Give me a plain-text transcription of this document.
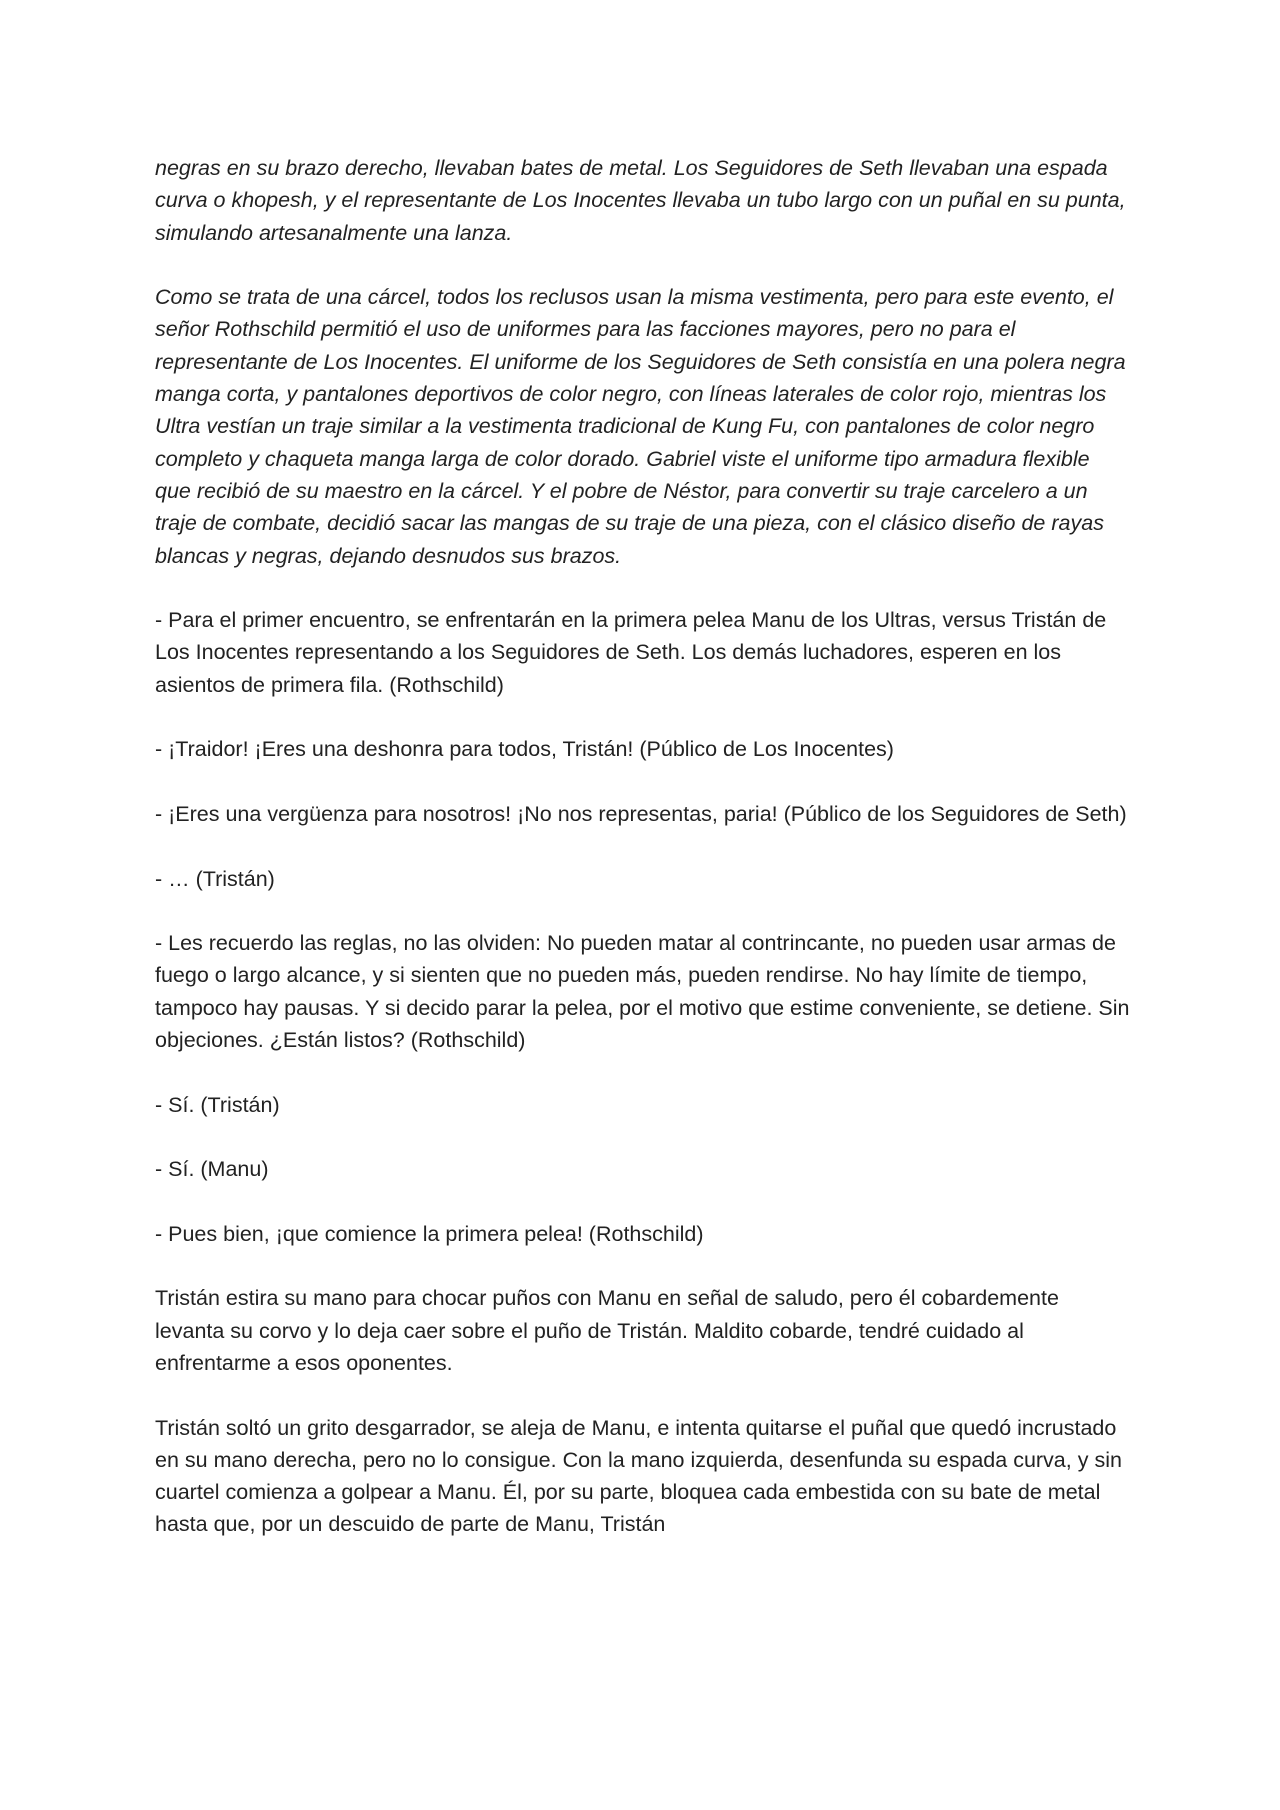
negras en su brazo derecho, llevaban bates de metal. Los Seguidores de Seth llevaban una espada curva o khopesh, y el representante de Los Inocentes llevaba un tubo largo con un puñal en su punta, simulando artesanalmente una lanza.

Como se trata de una cárcel, todos los reclusos usan la misma vestimenta, pero para este evento, el señor Rothschild permitió el uso de uniformes para las facciones mayores, pero no para el representante de Los Inocentes. El uniforme de los Seguidores de Seth consistía en una polera negra manga corta, y pantalones deportivos de color negro, con líneas laterales de color rojo, mientras los Ultra vestían un traje similar a la vestimenta tradicional de Kung Fu, con pantalones de color negro completo y chaqueta manga larga de color dorado. Gabriel viste el uniforme tipo armadura flexible que recibió de su maestro en la cárcel. Y el pobre de Néstor, para convertir su traje carcelero a un traje de combate, decidió sacar las mangas de su traje de una pieza, con el clásico diseño de rayas blancas y negras, dejando desnudos sus brazos.

- Para el primer encuentro, se enfrentarán en la primera pelea Manu de los Ultras, versus Tristán de Los Inocentes representando a los Seguidores de Seth. Los demás luchadores, esperen en los asientos de primera fila. (Rothschild)

- ¡Traidor! ¡Eres una deshonra para todos, Tristán! (Público de Los Inocentes)

- ¡Eres una vergüenza para nosotros! ¡No nos representas, paria! (Público de los Seguidores de Seth)

- … (Tristán)

- Les recuerdo las reglas, no las olviden: No pueden matar al contrincante, no pueden usar armas de fuego o largo alcance, y si sienten que no pueden más, pueden rendirse. No hay límite de tiempo, tampoco hay pausas. Y si decido parar la pelea, por el motivo que estime conveniente, se detiene. Sin objeciones. ¿Están listos? (Rothschild)

- Sí. (Tristán)

- Sí. (Manu)

- Pues bien, ¡que comience la primera pelea! (Rothschild)

Tristán estira su mano para chocar puños con Manu en señal de saludo, pero él cobardemente levanta su corvo y lo deja caer sobre el puño de Tristán. Maldito cobarde, tendré cuidado al enfrentarme a esos oponentes.

Tristán soltó un grito desgarrador, se aleja de Manu, e intenta quitarse el puñal que quedó incrustado en su mano derecha, pero no lo consigue. Con la mano izquierda, desenfunda su espada curva, y sin cuartel comienza a golpear a Manu. Él, por su parte, bloquea cada embestida con su bate de metal hasta que, por un descuido de parte de Manu, Tristán
